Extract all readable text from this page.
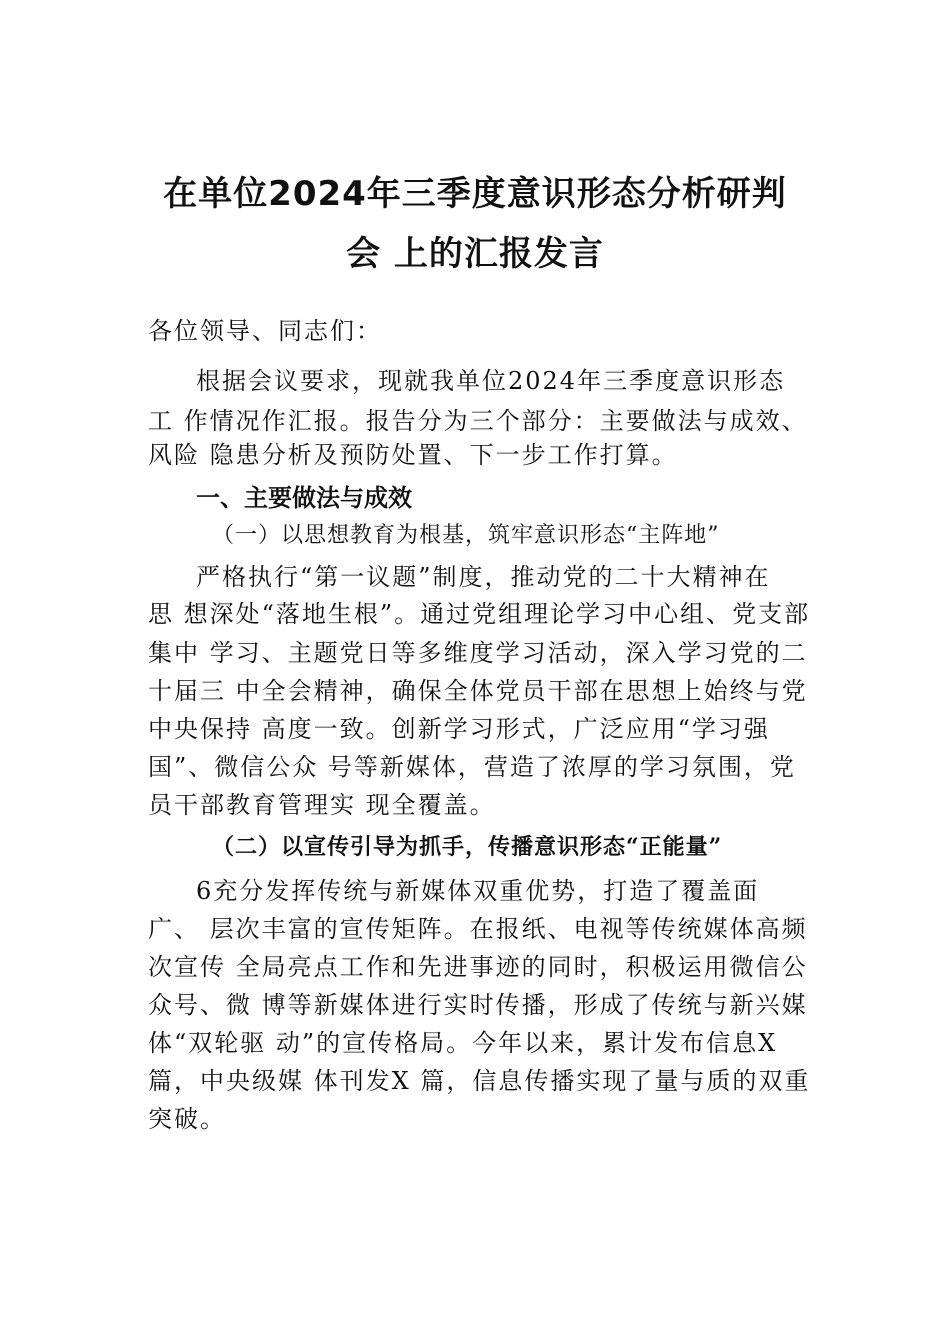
在单位2024年三季度意识形态分析研判
会 上的汇报发言
各位领导、同志们：
根据会议要求，现就我单位2024年三季度意识形态
工 作情况作汇报。报告分为三个部分：主要做法与成效、
风险 隐患分析及预防处置、下一步工作打算。
一、主要做法与成效
（一）以思想教育为根基，筑牢意识形态“主阵地”
严格执行“第一议题”制度，推动党的二十大精神在
思 想深处“落地生根”。通过党组理论学习中心组、党支部
集中 学习、主题党日等多维度学习活动，深入学习党的二
十届三 中全会精神，确保全体党员干部在思想上始终与党
中央保持 高度一致。创新学习形式，广泛应用“学习强
国”、微信公众 号等新媒体，营造了浓厚的学习氛围，党
员干部教育管理实 现全覆盖。
（二）以宣传引导为抓手，传播意识形态“正能量”
6充分发挥传统与新媒体双重优势，打造了覆盖面
广、 层次丰富的宣传矩阵。在报纸、电视等传统媒体高频
次宣传 全局亮点工作和先进事迹的同时，积极运用微信公
众号、微 博等新媒体进行实时传播，形成了传统与新兴媒
体“双轮驱 动”的宣传格局。今年以来，累计发布信息X
篇，中央级媒 体刊发X 篇，信息传播实现了量与质的双重
突破。
